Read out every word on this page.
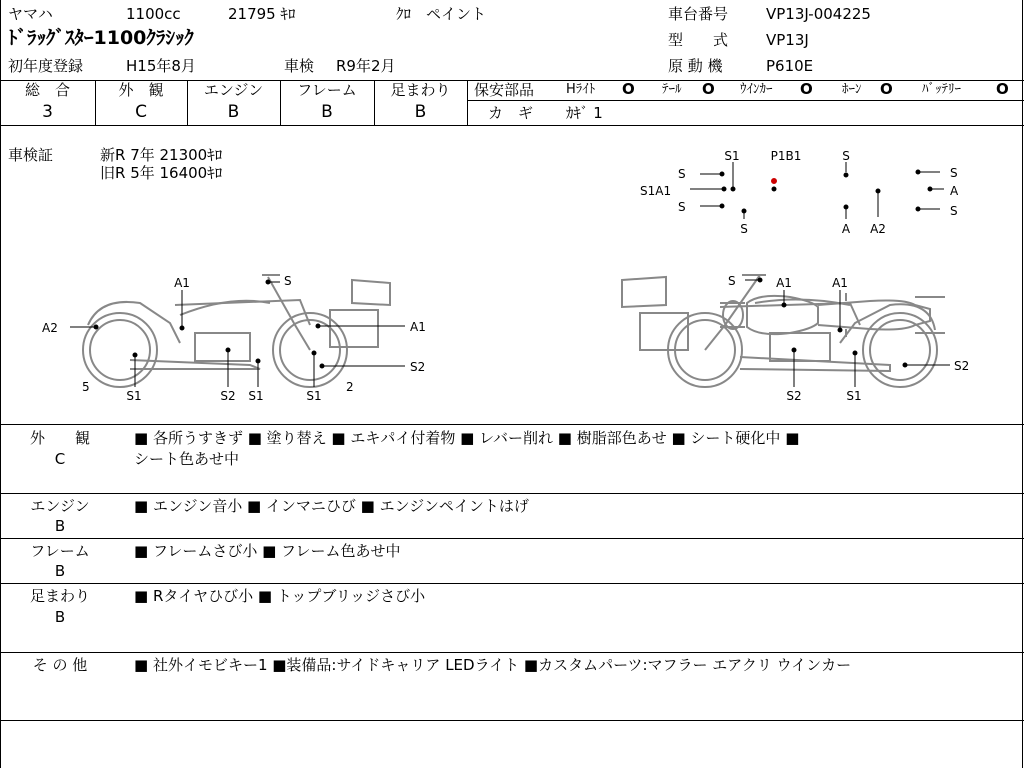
ヤマハ	1100cc	21795 ｷﾛ	ｸﾛ　ペイント
ﾄﾞﾗｯｸﾞｽﾀｰ1100ｸﾗｼｯｸ
初年度登録	H15年8月	車検 R9年2月
車台番号	VP13J-004225
型　　式	VP13J
原 動 機	P610E
総　合
3
外　観
C
エンジン
B
フレーム
B
足まわり
B
保安部品 Hﾗｲﾄ O ﾃｰﾙ O ｳｲﾝｶｰ O ﾎｰﾝ O ﾊﾞｯﾃﾘｰ O
カ　ギ ｶｷﾞ 1
車検証	新R 7年 21300ｷﾛ
旧R 5年 16400ｷﾛ
S1	P1B1	S
S
S
S1A1
S
S
S
A
A A2
A1	S
A2	A1
S2
5
S1	S2 S1	S1
2
S	A1	A1
S2
S2
S1
外　　観
C
■ 各所うすきず ■ 塗り替え ■ エキパイ付着物 ■ レバー削れ ■ 樹脂部色あせ ■ シート硬化中 ■
シート色あせ中
エンジン
B
■ エンジン音小 ■ インマニひび ■ エンジンペイントはげ
フレーム
B
■ フレームさび小 ■ フレーム色あせ中
足まわり
B
■ Rタイヤひび小 ■ トップブリッジさび小
そ の 他	■ 社外イモビキー1 ■装備品:サイドキャリア LEDライト ■カスタムパーツ:マフラー エアクリ ウインカー
